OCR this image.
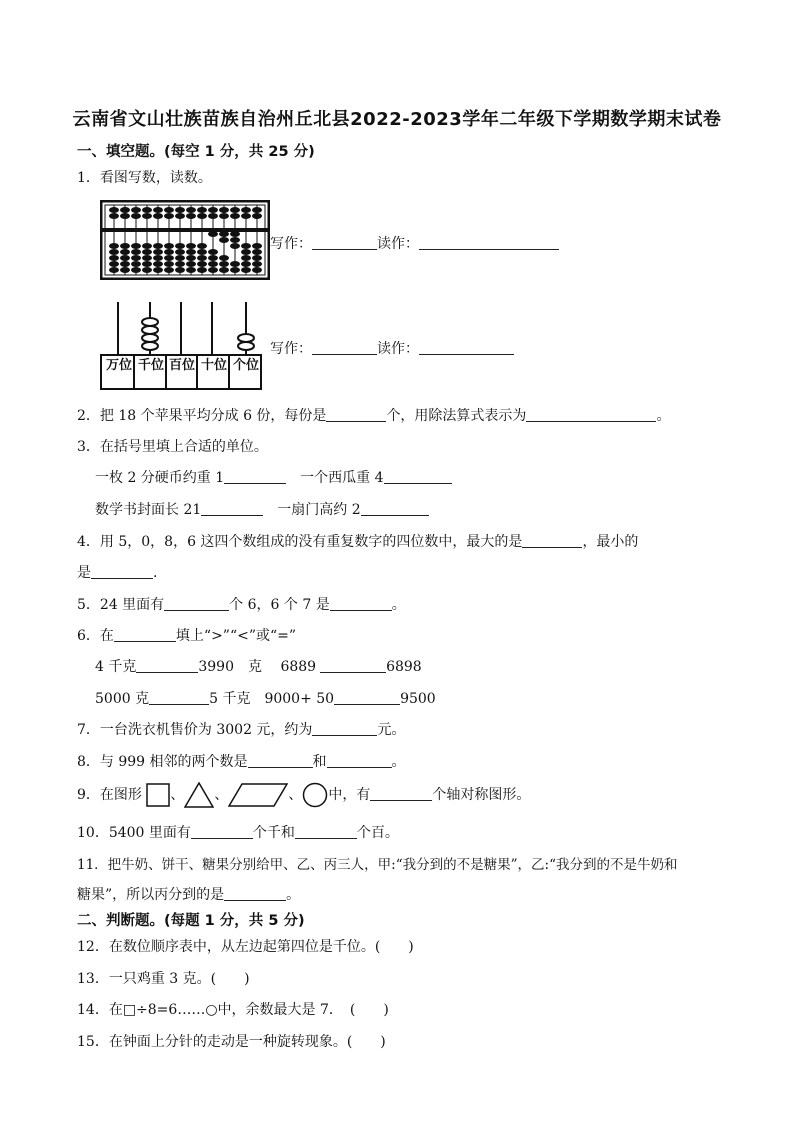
云南省文山壮族苗族自治州丘北县2022-2023学年二年级下学期数学期末试卷
一、填空题。(每空 1 分，共 25 分)
1．看图写数，读数。
写作：	读作：
万位 千位 百位 十位 个位
写作：	读作：
2．把 18 个苹果平均分成 6 份，每份是	个，用除法算式表示为	。
3．在括号里填上合适的单位。
一枚 2 分硬币约重 1	一个西瓜重 4
数学书封面长 21	一扇门高约 2
4．用 5，0，8，6 这四个数组成的没有重复数字的四位数中，最大的是	，最小的
是	.
5．24 里面有	个 6，6 个 7 是	。
6．在	填上“>”“<”或“=”
4 千克	3990　克　 6889	6898
5000 克	5 千克　9000+ 50	9500
7．一台洗衣机售价为 3002 元，约为	元。
8．与 999 相邻的两个数是	和	。
9．在图形 、 、	、 中，有	个轴对称图形。
10．5400 里面有	个千和	个百。
11．把牛奶、饼干、糖果分别给甲、乙、丙三人，甲:“我分到的不是糖果”，乙:“我分到的不是牛奶和
糖果”，所以丙分到的是	。
二、判断题。(每题 1 分，共 5 分)
12．在数位顺序表中，从左边起第四位是千位。(　　)
13．一只鸡重 3 克。(　　)
14．在□÷8=6……○中，余数最大是 7．　(　　)
15．在钟面上分针的走动是一种旋转现象。(　　)
